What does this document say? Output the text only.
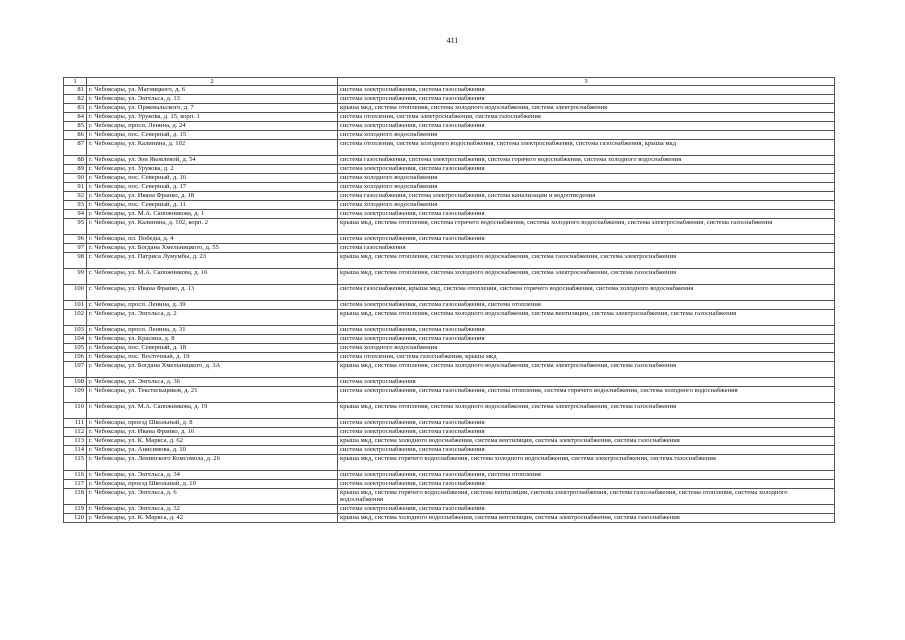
411
1	2	3
81	г. Чебоксары, ул. Магницкого, д. 6	система электроснабжения, система газоснабжения
82	г. Чебоксары, ул. Энгельса, д. 13	система электроснабжения, система газоснабжения
83	г. Чебоксары, ул. Пржевальского, д. 7	крыша мкд, система отопления, система холодного водоснабжения, система электроснабжения
84	г. Чебоксары, ул. Урукова, д. 15, корп. 1	система отопления, система электроснабжения, система газоснабжения
85	г. Чебоксары, просп. Ленина, д. 24	система электроснабжения, система газоснабжения
86	г. Чебоксары, пос. Северный, д. 15	система холодного водоснабжения
87	г. Чебоксары, ул. Калинина, д. 102	система отопления, система холодного водоснабжения, система электроснабжения, система газоснабжения, крыша мкд
88	г. Чебоксары, ул. Зои Яковлевой, д. 54	система газоснабжения, система электроснабжения, система горячего водоснабжения, система холодного водоснабжения
89	г. Чебоксары, ул. Урукова, д. 2	система электроснабжения, система газоснабжения
90	г. Чебоксары, пос. Северный, д. 16	система холодного водоснабжения
91	г. Чебоксары, пос. Северный, д. 17	система холодного водоснабжения
92	г. Чебоксары, ул. Ивана Франко, д. 18	система газоснабжения, система электроснабжения, система канализации и водоотведения
93	г. Чебоксары, пос. Северный, д. 11	система холодного водоснабжения
94	г. Чебоксары, ул. М.А. Сапожникова, д. 1	система электроснабжения, система газоснабжения
95	г. Чебоксары, ул. Калинина, д. 102, корп. 2	крыша мкд, система отопления, система горячего водоснабжения, система холодного водоснабжения, система электроснабжения, система газоснабжения
96	г. Чебоксары, пл. Победы, д. 4	система электроснабжения, система газоснабжения
97	г. Чебоксары, ул. Богдана Хмельницкого, д. 55	система газоснабжения
98	г. Чебоксары, ул. Патриса Лумумбы, д. 23	крыша мкд, система отопления, система холодного водоснабжения, система газоснабжения, система электроснабжения
99	г. Чебоксары, ул. М.А. Сапожникова, д. 16	крыша мкд, система отопления, система холодного водоснабжения, система электроснабжения, система газоснабжения
100	г. Чебоксары, ул. Ивана Франко, д. 13	система газоснабжения, крыша мкд, система отопления, система горячего водоснабжения, система холодного водоснабжения
101	г. Чебоксары, просп. Ленина, д. 39	система электроснабжения, система газоснабжения, система отопления
102	г. Чебоксары, ул. Энгельса, д. 2	крыша мкд, система отопления, система холодного водоснабжения, система вентиляции, система электроснабжения, система газоснабжения
103	г. Чебоксары, просп. Ленина, д. 31	система электроснабжения, система газоснабжения
104	г. Чебоксары, ул. Красина, д. 8	система электроснабжения, система газоснабжения
105	г. Чебоксары, пос. Северный, д. 18	система холодного водоснабжения
106	г. Чебоксары, пос. Восточный, д. 19	система отопления, система газоснабжения, крыша мкд
107	г. Чебоксары, ул. Богдана Хмельницкого, д. 3А	крыша мкд, система отопления, система холодного водоснабжения, система электроснабжения, система газоснабжения
108	г. Чебоксары, ул. Энгельса, д. 36	система электроснабжения
109	г. Чебоксары, ул. Текстильщиков, д. 21	система электроснабжения, система газоснабжения, система отопления, система горячего водоснабжения, система холодного водоснабжения
110	г. Чебоксары, ул. М.А. Сапожникова, д. 19	крыша мкд, система отопления, система холодного водоснабжения, система электроснабжения, система газоснабжения
111	г. Чебоксары, проезд Школьный, д. 8	система электроснабжения, система газоснабжения
112	г. Чебоксары, ул. Ивана Франко, д. 16	система электроснабжения, система газоснабжения
113	г. Чебоксары, ул. К. Маркса, д. 62	крыша мкд, система холодного водоснабжения, система вентиляции, система электроснабжения, система газоснабжения
114	г. Чебоксары, ул. Анисимова, д. 10	система электроснабжения, система газоснабжения
115	г. Чебоксары, ул. Ленинского Комсомола, д. 26	крыша мкд, система горячего водоснабжения, система холодного водоснабжения, система электроснабжения, система газоснабжения
116	г. Чебоксары, ул. Энгельса, д. 34	система электроснабжения, система газоснабжения, система отопления
117	г. Чебоксары, проезд Школьный, д. 10	система электроснабжения, система газоснабжения
118	г. Чебоксары, ул. Энгельса, д. 6	крыша мкд, система горячего водоснабжения, система вентиляции, система электроснабжения, система газоснабжения, система отопления, система холодного водоснабжения
119	г. Чебоксары, ул. Энгельса, д. 32	система электроснабжения, система газоснабжения
120	г. Чебоксары, ул. К. Маркса, д. 42	крыша мкд, система холодного водоснабжения, система вентиляции, система электроснабжения, система газоснабжения
